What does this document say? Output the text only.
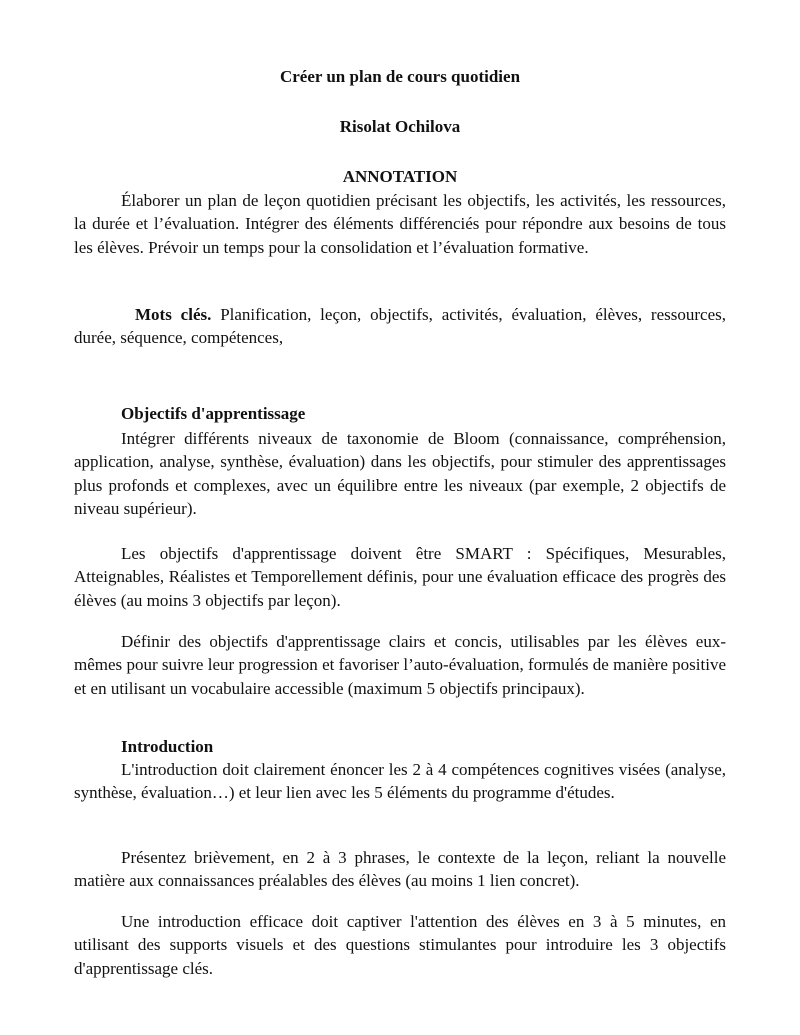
Créer un plan de cours quotidien
Risolat Ochilova
ANNOTATION

Élaborer un plan de leçon quotidien précisant les objectifs, les activités, les ressources, la durée et l’évaluation. Intégrer des éléments différenciés pour répondre aux besoins de tous les élèves. Prévoir un temps pour la consolidation et l’évaluation formative.

Mots clés. Planification, leçon, objectifs, activités, évaluation, élèves, ressources, durée, séquence, compétences,

Objectifs d'apprentissage

Intégrer différents niveaux de taxonomie de Bloom (connaissance, compréhension, application, analyse, synthèse, évaluation) dans les objectifs, pour stimuler des apprentissages plus profonds et complexes, avec un équilibre entre les niveaux (par exemple, 2 objectifs de niveau supérieur).

Les objectifs d'apprentissage doivent être SMART : Spécifiques, Mesurables, Atteignables, Réalistes et Temporellement définis, pour une évaluation efficace des progrès des élèves (au moins 3 objectifs par leçon).

Définir des objectifs d'apprentissage clairs et concis, utilisables par les élèves eux-mêmes pour suivre leur progression et favoriser l’auto-évaluation, formulés de manière positive et en utilisant un vocabulaire accessible (maximum 5 objectifs principaux).

Introduction

L'introduction doit clairement énoncer les 2 à 4 compétences cognitives visées (analyse, synthèse, évaluation…) et leur lien avec les 5 éléments du programme d'études.

Présentez brièvement, en 2 à 3 phrases, le contexte de la leçon, reliant la nouvelle matière aux connaissances préalables des élèves (au moins 1 lien concret).

Une introduction efficace doit captiver l'attention des élèves en 3 à 5 minutes, en utilisant des supports visuels et des questions stimulantes pour introduire les 3 objectifs d'apprentissage clés.
